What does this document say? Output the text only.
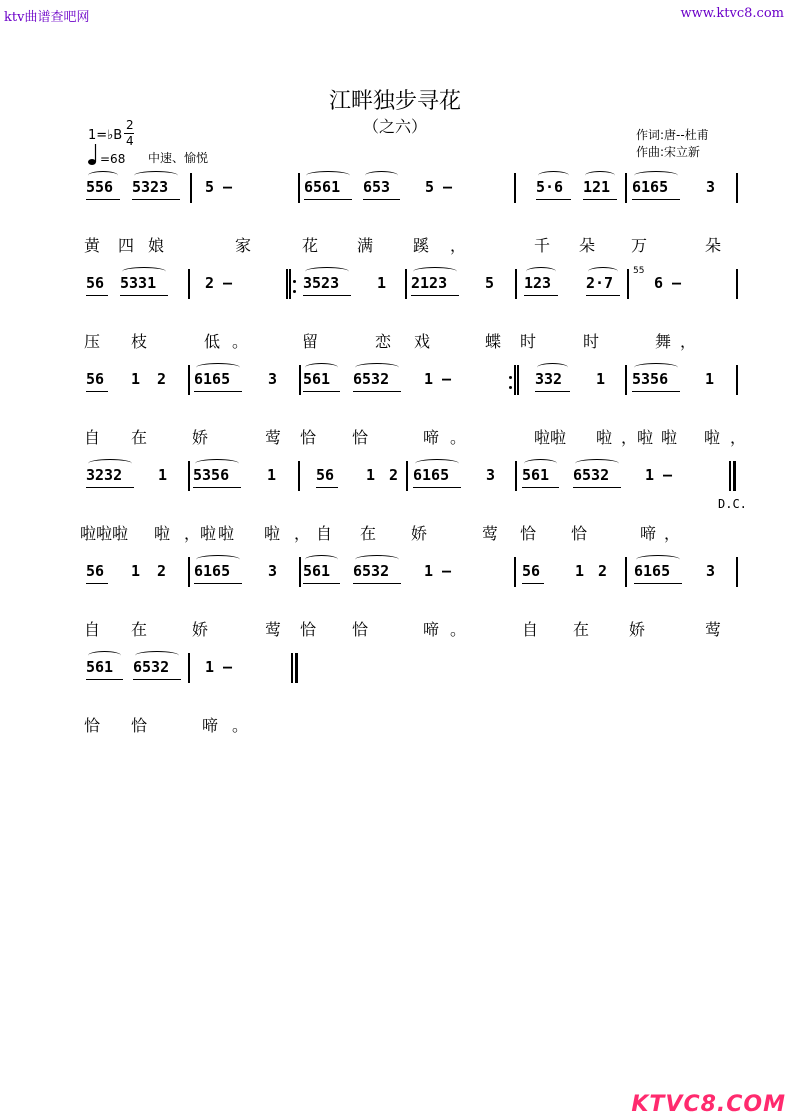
ktv曲谱查吧网	www.ktvc8.com
KTVC8.COM
江畔独步寻花
（之六）
1=♭B
2
4
=68 中速、愉悦
作词:唐--杜甫
作曲:宋立新
D.C.
55
556 5323 5 –	6561 653 5 –	5·6 121 6165	3
黄 四 娘	家	花 满 蹊 ，	千 朵 万	朵
56 5331	2 –	3523	1 2123	5 123 2·7	6 –
压 枝	低 。	留	恋 戏	蝶 时	时	舞 ，
56 1 2 6165	3 561 6532 1 –	332 1 5356 1
自 在	娇	莺 恰 恰	啼 。	啦啦 啦 ，啦 啦 啦 ，
3232 1 5356	1	56 1 2 6165 3 561 6532 1 –
啦啦啦 啦 ，啦 啦 啦 ， 自 在 娇	莺 恰 恰	啼 ，
56 1 2 6165	3 561 6532 1 –	56 1 2 6165 3
自 在	娇	莺 恰 恰	啼 。	自 在 娇	莺
561 6532 1 –
恰 恰	啼 。
